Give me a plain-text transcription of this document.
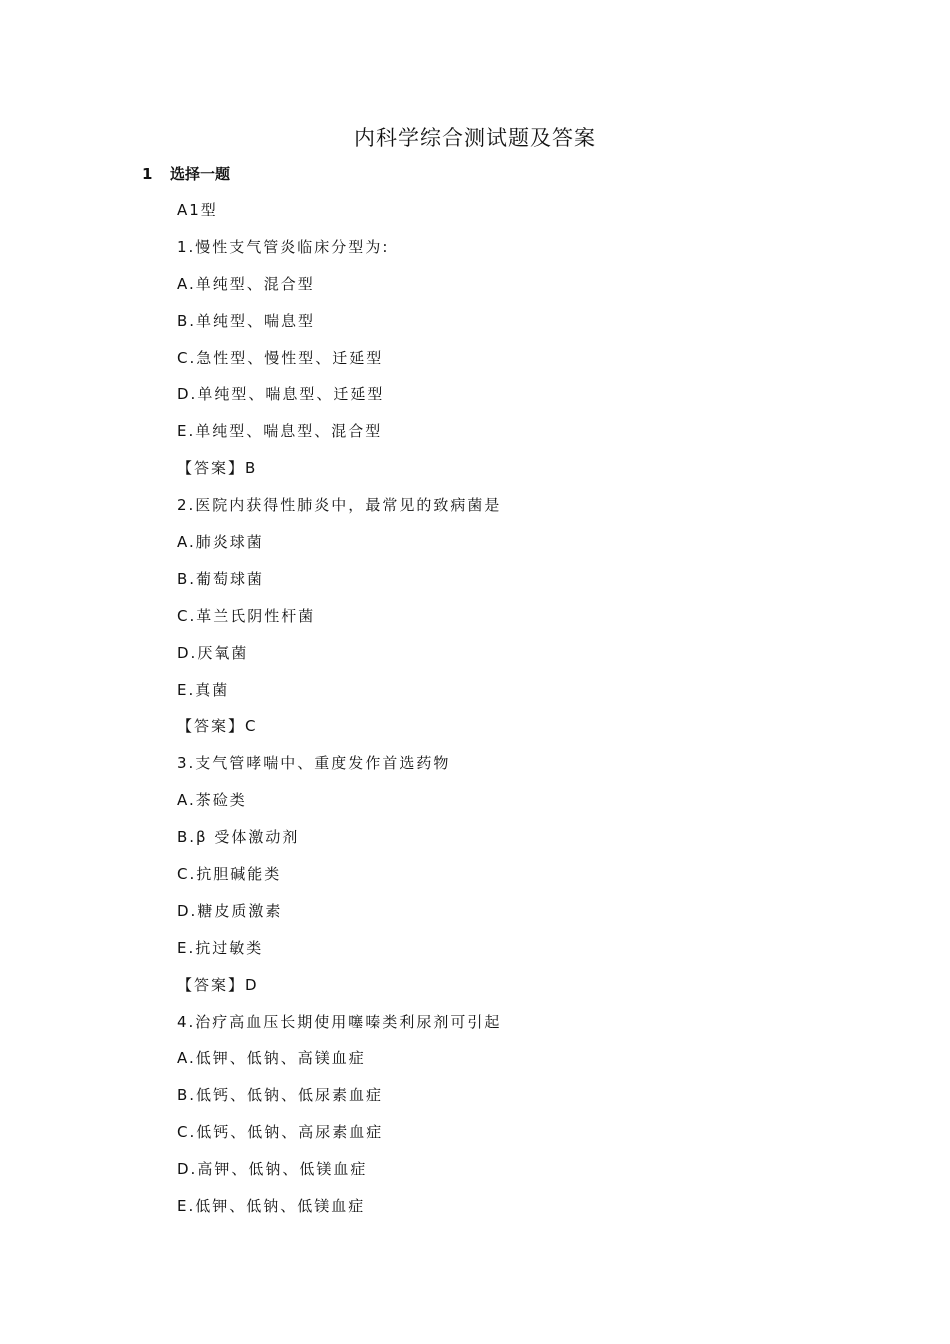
内科学综合测试题及答案
1 选择一题
A1型
1.慢性支气管炎临床分型为:
A.单纯型、混合型
B.单纯型、喘息型
C.急性型、慢性型、迁延型
D.单纯型、喘息型、迁延型
E.单纯型、喘息型、混合型
【答案】B
2.医院内获得性肺炎中，最常见的致病菌是
A.肺炎球菌
B.葡萄球菌
C.革兰氏阴性杆菌
D.厌氧菌
E.真菌
【答案】C
3.支气管哮喘中、重度发作首选药物
A.茶硷类
B.β 受体激动剂
C.抗胆碱能类
D.糖皮质激素
E.抗过敏类
【答案】D
4.治疗高血压长期使用噻嗪类利尿剂可引起
A.低钾、低钠、高镁血症
B.低钙、低钠、低尿素血症
C.低钙、低钠、高尿素血症
D.高钾、低钠、低镁血症
E.低钾、低钠、低镁血症
